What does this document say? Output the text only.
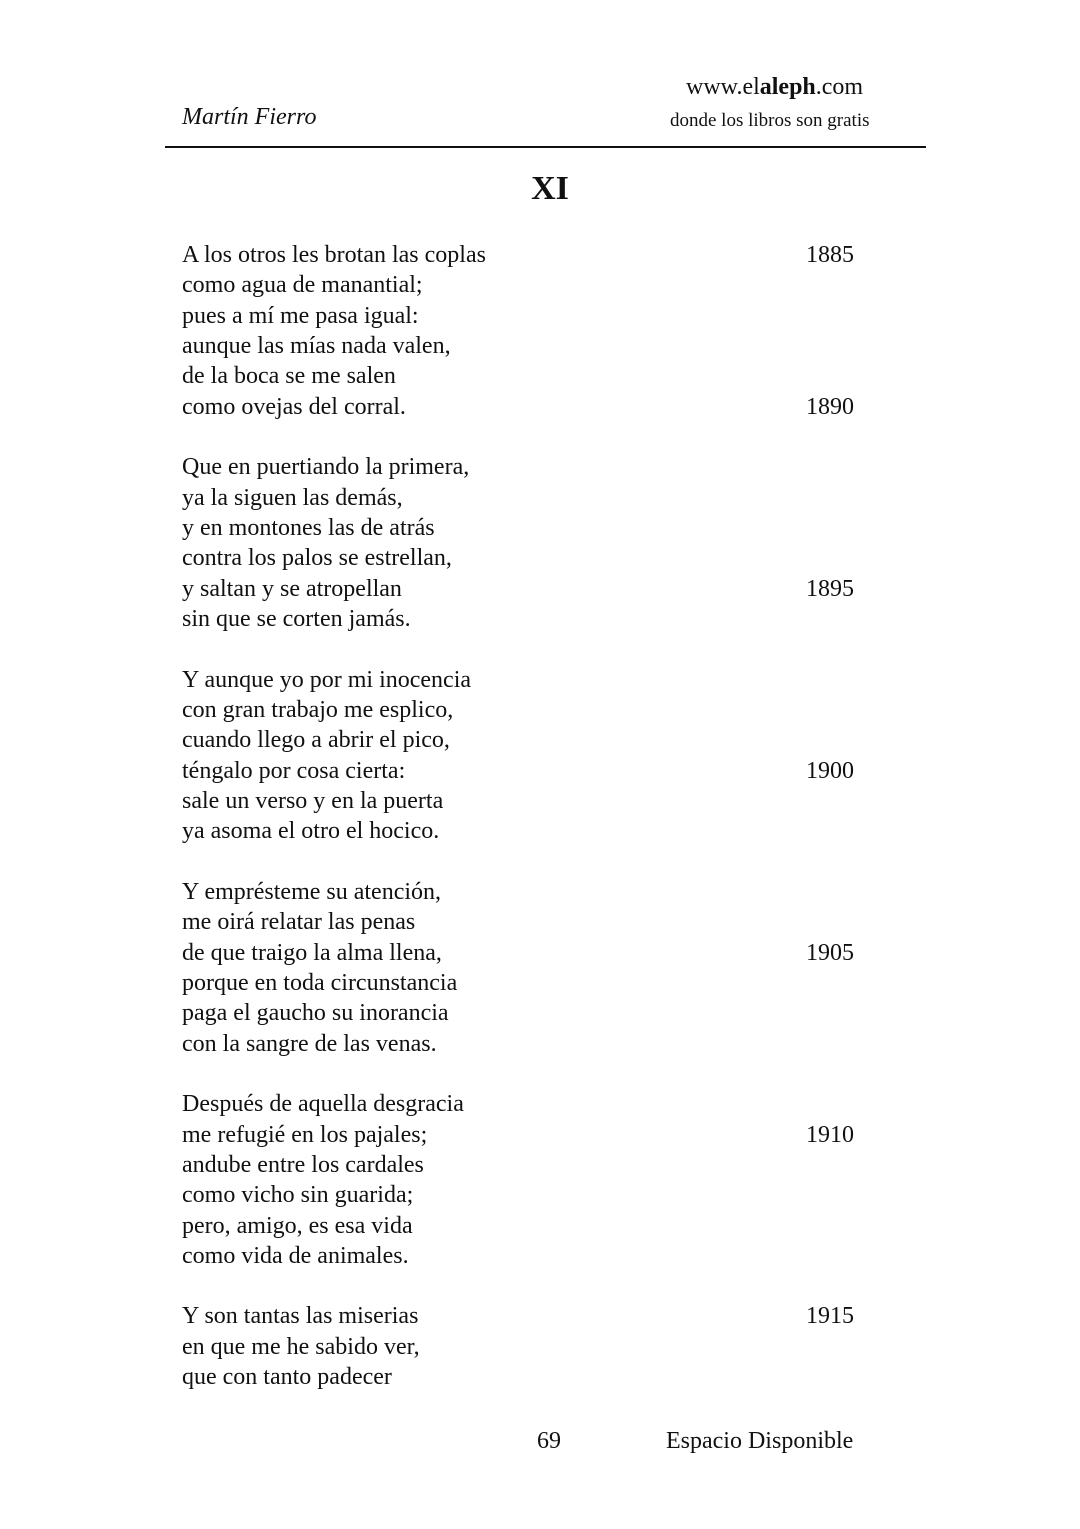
Martín Fierro
www.elaleph.com
donde los libros son gratis
XI
A los otros les brotan las coplas	1885
como agua de manantial;
pues a mí me pasa igual:
aunque las mías nada valen,
de la boca se me salen
como ovejas del corral.	1890
Que en puertiando la primera,
ya la siguen las demás,
y en montones las de atrás
contra los palos se estrellan,
y saltan y se atropellan	1895
sin que se corten jamás.
Y aunque yo por mi inocencia
con gran trabajo me esplico,
cuando llego a abrir el pico,
téngalo por cosa cierta:	1900
sale un verso y en la puerta
ya asoma el otro el hocico.
Y emprésteme su atención,
me oirá relatar las penas
de que traigo la alma llena,	1905
porque en toda circunstancia
paga el gaucho su inorancia
con la sangre de las venas.
Después de aquella desgracia
me refugié en los pajales;	1910
andube entre los cardales
como vicho sin guarida;
pero, amigo, es esa vida
como vida de animales.
Y son tantas las miserias	1915
en que me he sabido ver,
que con tanto padecer
69	Espacio Disponible
